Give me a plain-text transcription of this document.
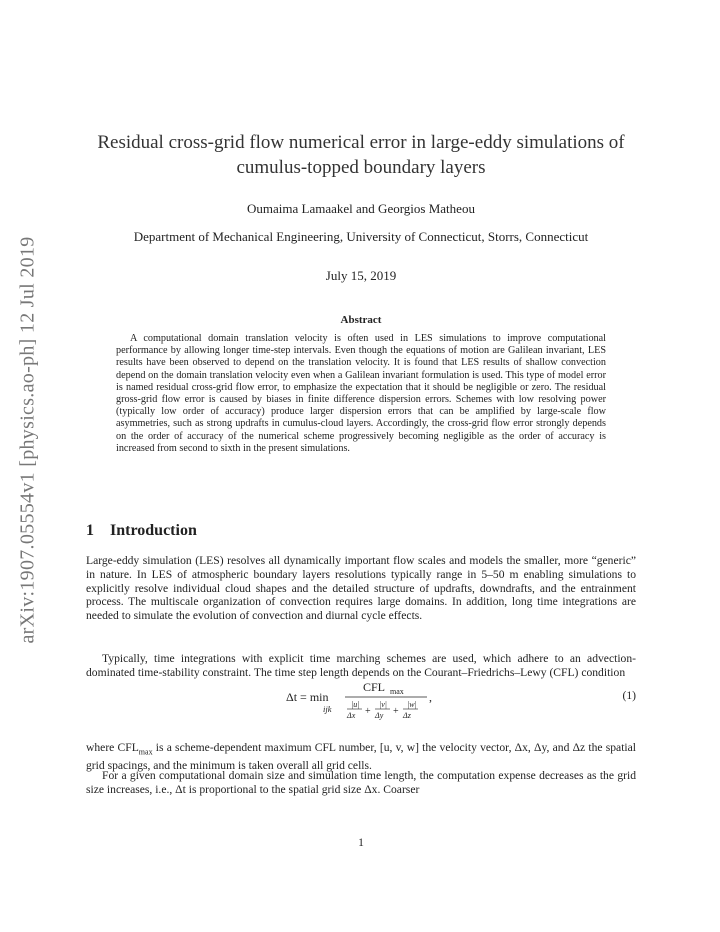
arXiv:1907.05554v1 [physics.ao-ph] 12 Jul 2019
Residual cross-grid flow numerical error in large-eddy simulations of
cumulus-topped boundary layers
Oumaima Lamaakel and Georgios Matheou
Department of Mechanical Engineering, University of Connecticut, Storrs, Connecticut
July 15, 2019
Abstract
A computational domain translation velocity is often used in LES simulations to improve computational performance by allowing longer time-step intervals. Even though the equations of motion are Galilean invariant, LES results have been observed to depend on the translation velocity. It is found that LES results of shallow convection depend on the domain translation velocity even when a Galilean invariant formulation is used. This type of model error is named residual cross-grid flow error, to emphasize the expectation that it should be negligible or zero. The residual gross-grid flow error is caused by biases in finite difference dispersion errors. Schemes with low resolving power (typically low order of accuracy) produce larger dispersion errors that can be amplified by large-scale flow asymmetries, such as strong updrafts in cumulus-cloud layers. Accordingly, the cross-grid flow error strongly depends on the order of accuracy of the numerical scheme progressively becoming negligible as the order of accuracy is increased from second to sixth in the present simulations.
1 Introduction
Large-eddy simulation (LES) resolves all dynamically important flow scales and models the smaller, more “generic” in nature. In LES of atmospheric boundary layers resolutions typically range in 5–50 m enabling simulations to explicitly resolve individual cloud shapes and the detailed structure of updrafts, downdrafts, and the entrainment process. The multiscale organization of convection requires large domains. In addition, long time integrations are needed to simulate the evolution of convection and diurnal cycle effects.
Typically, time integrations with explicit time marching schemes are used, which adhere to an advection-dominated time-stability constraint. The time step length depends on the Courant–Friedrichs–Lewy (CFL) condition
Δt = min
ijk
CFL max
|u|
Δx +
|v|
Δy +
|w|
Δz
,	(1)
where $CFL_{max}$ is a scheme-dependent maximum CFL number, [u, v, w] the velocity vector, Δx, Δy, and Δz the spatial grid spacings, and the minimum is taken overall all grid cells.
For a given computational domain size and simulation time length, the computation expense decreases as the grid size increases, i.e., Δt is proportional to the spatial grid size Δx. Coarser
1
